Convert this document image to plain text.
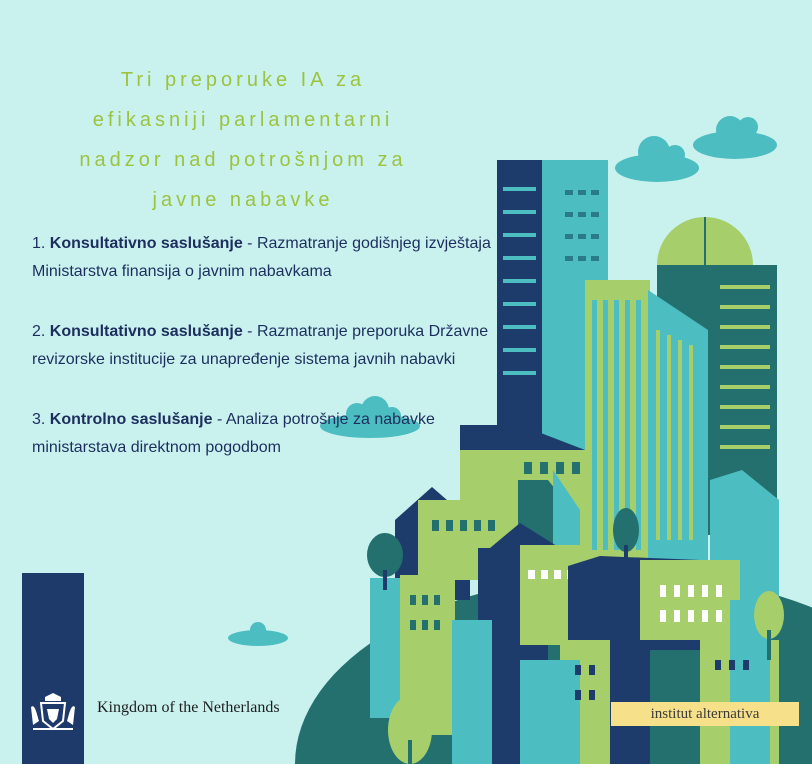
Tri preporuke IA za
efikasniji parlamentarni
nadzor nad potrošnjom za
javne nabavke
1. Konsultativno saslušanje - Razmatranje godišnjeg izvještaja Ministarstva finansija o javnim nabavkama
2. Konsultativno saslušanje - Razmatranje preporuka Državne revizorske institucije za unapređenje sistema javnih nabavki
3. Kontrolno saslušanje - Analiza potrošnje za nabavke ministarstava direktnom pogodbom
Kingdom of the Netherlands	institut alternativa
